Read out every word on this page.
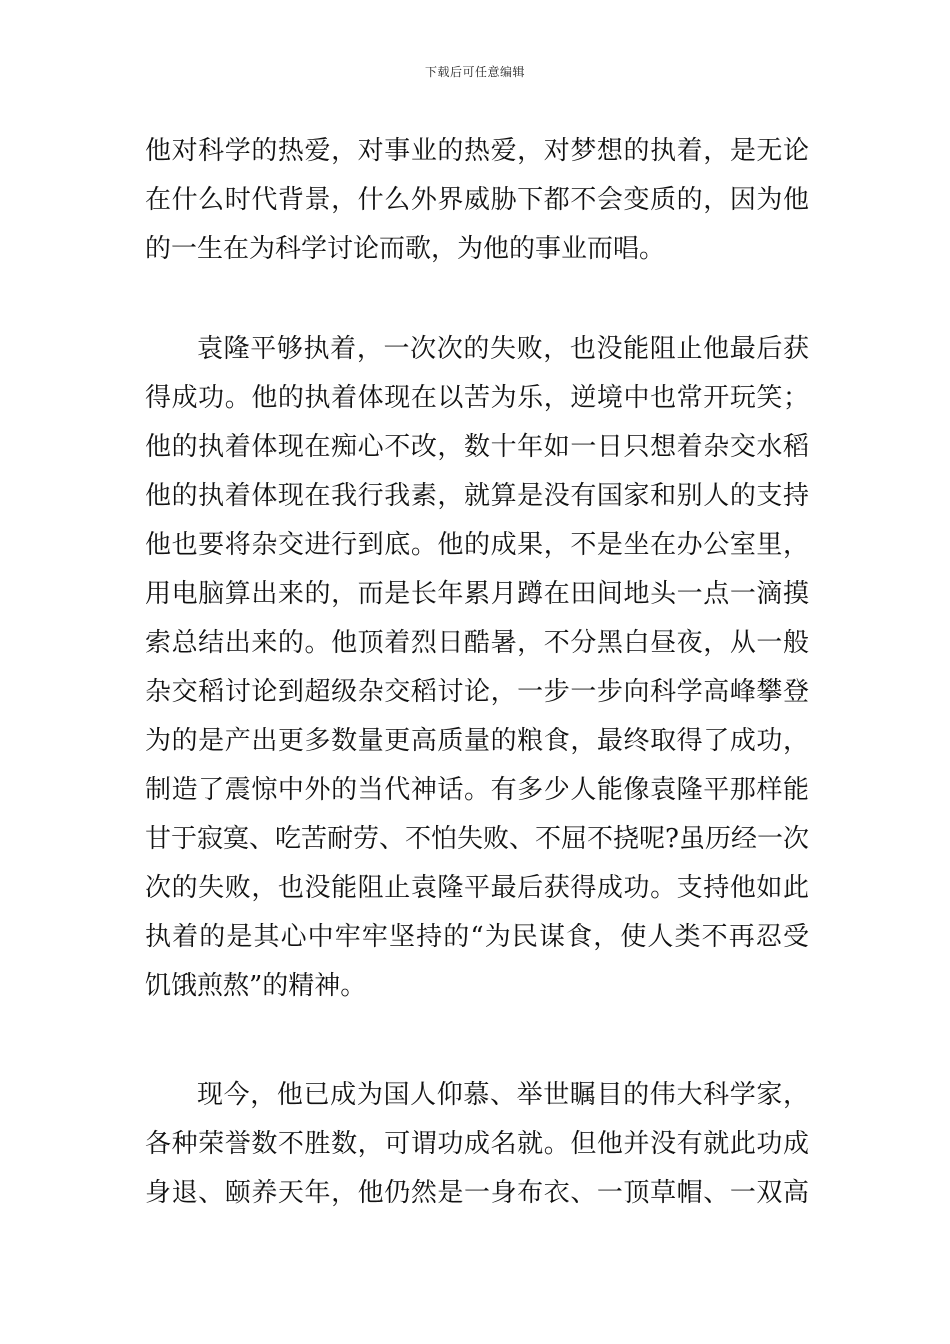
下载后可任意编辑
他对科学的热爱，对事业的热爱，对梦想的执着，是无论
在什么时代背景，什么外界威胁下都不会变质的，因为他
的一生在为科学讨论而歌，为他的事业而唱。
袁隆平够执着，一次次的失败，也没能阻止他最后获
得成功。他的执着体现在以苦为乐，逆境中也常开玩笑；
他的执着体现在痴心不改，数十年如一日只想着杂交水稻
他的执着体现在我行我素，就算是没有国家和别人的支持
他也要将杂交进行到底。他的成果，不是坐在办公室里，
用电脑算出来的，而是长年累月蹲在田间地头一点一滴摸
索总结出来的。他顶着烈日酷暑，不分黑白昼夜，从一般
杂交稻讨论到超级杂交稻讨论，一步一步向科学高峰攀登
为的是产出更多数量更高质量的粮食，最终取得了成功，
制造了震惊中外的当代神话。有多少人能像袁隆平那样能
甘于寂寞、吃苦耐劳、不怕失败、不屈不挠呢?虽历经一次
次的失败，也没能阻止袁隆平最后获得成功。支持他如此
执着的是其心中牢牢坚持的“为民谋食，使人类不再忍受
饥饿煎熬”的精神。
现今，他已成为国人仰慕、举世瞩目的伟大科学家，
各种荣誉数不胜数，可谓功成名就。但他并没有就此功成
身退、颐养天年，他仍然是一身布衣、一顶草帽、一双高
